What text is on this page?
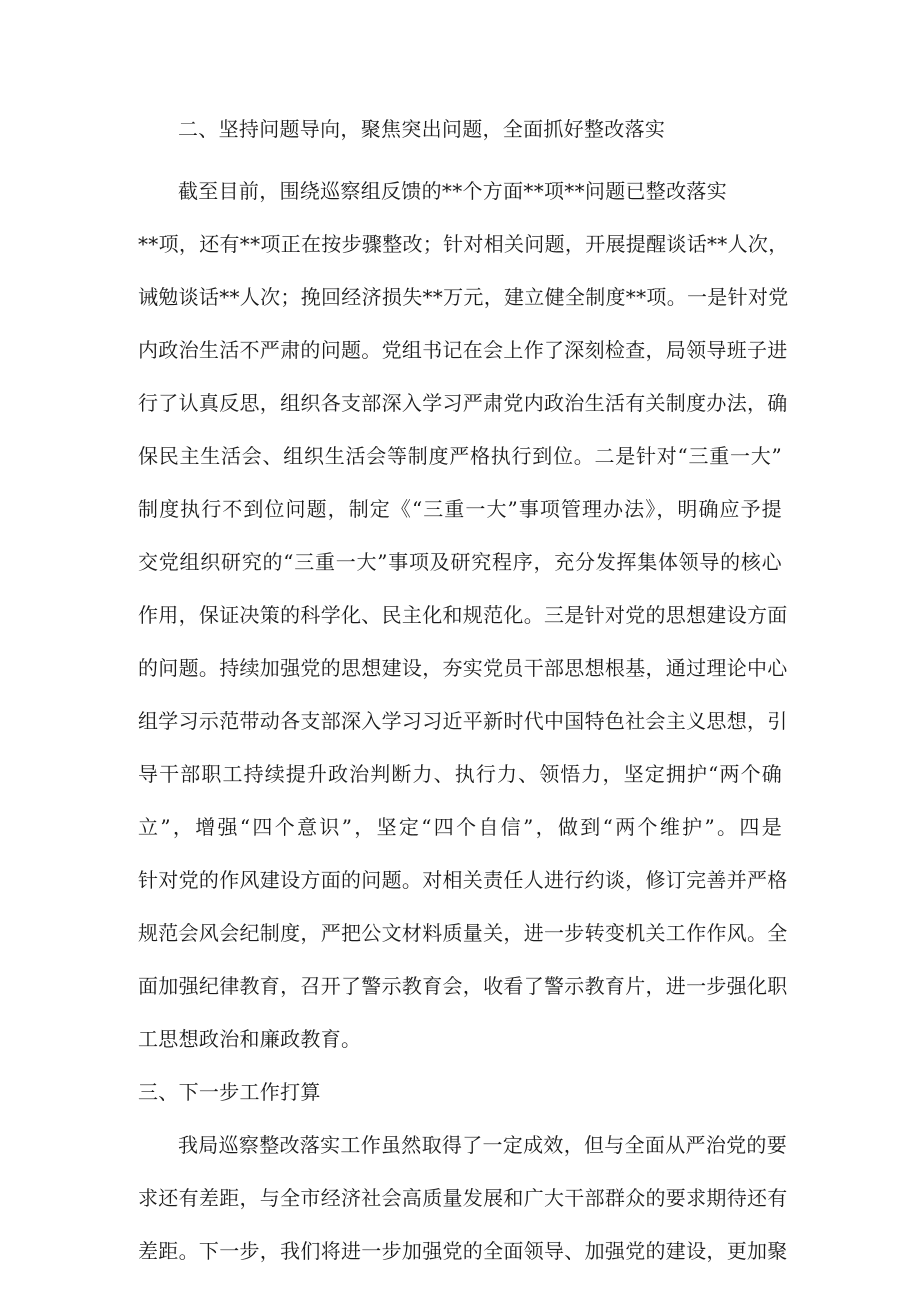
二、坚持问题导向，聚焦突出问题，全面抓好整改落实
截至目前，围绕巡察组反馈的**个方面**项**问题已整改落实
**项，还有**项正在按步骤整改；针对相关问题，开展提醒谈话**人次，
诫勉谈话**人次；挽回经济损失**万元，建立健全制度**项。一是针对党
内政治生活不严肃的问题。党组书记在会上作了深刻检查，局领导班子进
行了认真反思，组织各支部深入学习严肃党内政治生活有关制度办法，确
保民主生活会、组织生活会等制度严格执行到位。二是针对“三重一大”
制度执行不到位问题，制定《“三重一大”事项管理办法》，明确应予提
交党组织研究的“三重一大”事项及研究程序，充分发挥集体领导的核心
作用，保证决策的科学化、民主化和规范化。三是针对党的思想建设方面
的问题。持续加强党的思想建设，夯实党员干部思想根基，通过理论中心
组学习示范带动各支部深入学习习近平新时代中国特色社会主义思想，引
导干部职工持续提升政治判断力、执行力、领悟力，坚定拥护“两个确
立”，增强“四个意识”，坚定“四个自信”，做到“两个维护”。四是
针对党的作风建设方面的问题。对相关责任人进行约谈，修订完善并严格
规范会风会纪制度，严把公文材料质量关，进一步转变机关工作作风。全
面加强纪律教育，召开了警示教育会，收看了警示教育片，进一步强化职
工思想政治和廉政教育。
三、下一步工作打算
我局巡察整改落实工作虽然取得了一定成效，但与全面从严治党的要
求还有差距，与全市经济社会高质量发展和广大干部群众的要求期待还有
差距。下一步，我们将进一步加强党的全面领导、加强党的建设，更加聚
